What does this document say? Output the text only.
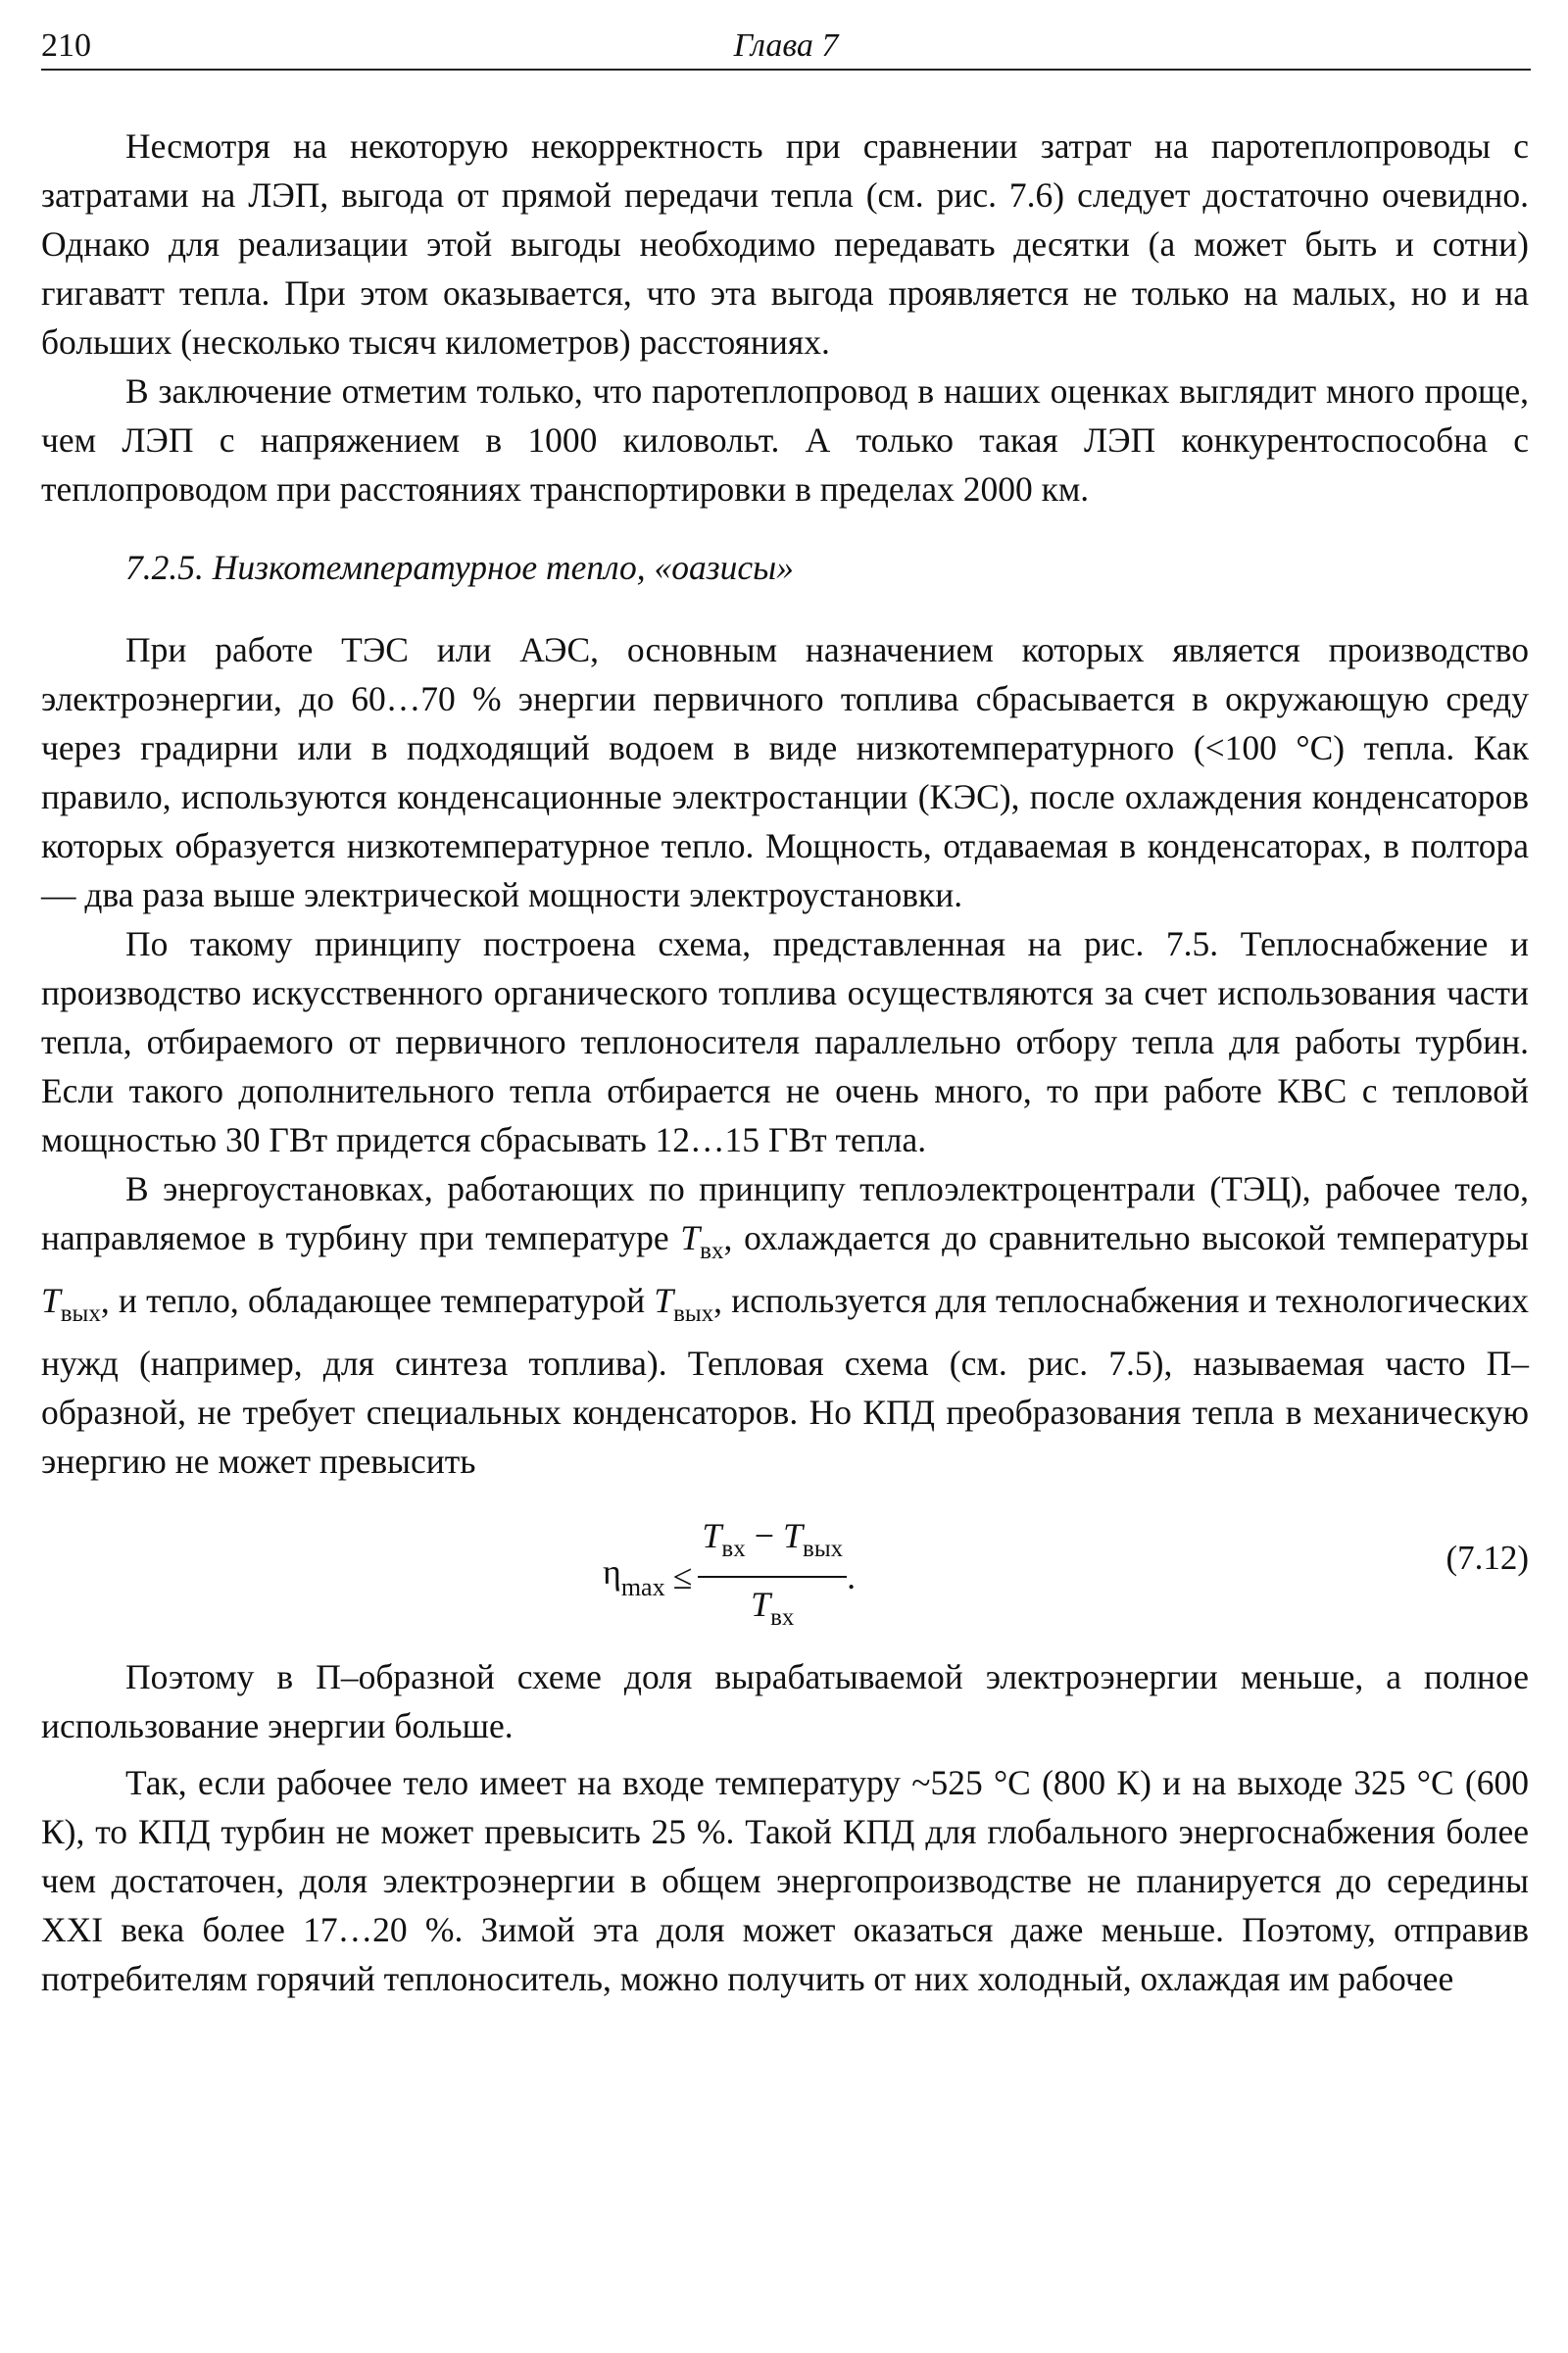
210	Глава 7

Несмотря на некоторую некорректность при сравнении затрат на паротеплопроводы с затратами на ЛЭП, выгода от прямой передачи тепла (см. рис. 7.6) следует достаточно очевидно. Однако для реализации этой выгоды необходимо передавать десятки (а может быть и сотни) гигаватт тепла. При этом оказывается, что эта выгода проявляется не только на малых, но и на больших (несколько тысяч километров) расстояниях.

В заключение отметим только, что паротеплопровод в наших оценках выглядит много проще, чем ЛЭП с напряжением в 1000 киловольт. А только такая ЛЭП конкурентоспособна с теплопроводом при расстояниях транспортировки в пределах 2000 км.

7.2.5. Низкотемпературное тепло, «оазисы»

При работе ТЭС или АЭС, основным назначением которых является производство электроэнергии, до 60…70 % энергии первичного топлива сбрасывается в окружающую среду через градирни или в подходящий водоем в виде низкотемпературного (<100 °С) тепла. Как правило, используются конденсационные электростанции (КЭС), после охлаждения конденсаторов которых образуется низкотемпературное тепло. Мощность, отдаваемая в конденсаторах, в полтора — два раза выше электрической мощности электроустановки.

По такому принципу построена схема, представленная на рис. 7.5. Теплоснабжение и производство искусственного органического топлива осуществляются за счет использования части тепла, отбираемого от первичного теплоносителя параллельно отбору тепла для работы турбин. Если такого дополнительного тепла отбирается не очень много, то при работе КВС с тепловой мощностью 30 ГВт придется сбрасывать 12…15 ГВт тепла.

В энергоустановках, работающих по принципу теплоэлектроцентрали (ТЭЦ), рабочее тело, направляемое в турбину при температуре $T_{вх}$, охлаждается до сравнительно высокой температуры $T_{вых}$, и тепло, обладающее температурой $T_{вых}$, используется для теплоснабжения и технологических нужд (например, для синтеза топлива). Тепловая схема (см. рис. 7.5), называемая часто П–образной, не требует специальных конденсаторов. Но КПД преобразования тепла в механическую энергию не может превысить

$\eta_{max} \le \frac{T_{вх} - T_{вых}}{T_{вх}}$ .	(7.12)

Поэтому в П–образной схеме доля вырабатываемой электроэнергии меньше, а полное использование энергии больше.

Так, если рабочее тело имеет на входе температуру ~525 °С (800 К) и на выходе 325 °С (600 К), то КПД турбин не может превысить 25 %. Такой КПД для глобального энергоснабжения более чем достаточен, доля электроэнергии в общем энергопроизводстве не планируется до середины XXI века более 17…20 %. Зимой эта доля может оказаться даже меньше. Поэтому, отправив потребителям горячий теплоноситель, можно получить от них холодный, охлаждая им рабочее
